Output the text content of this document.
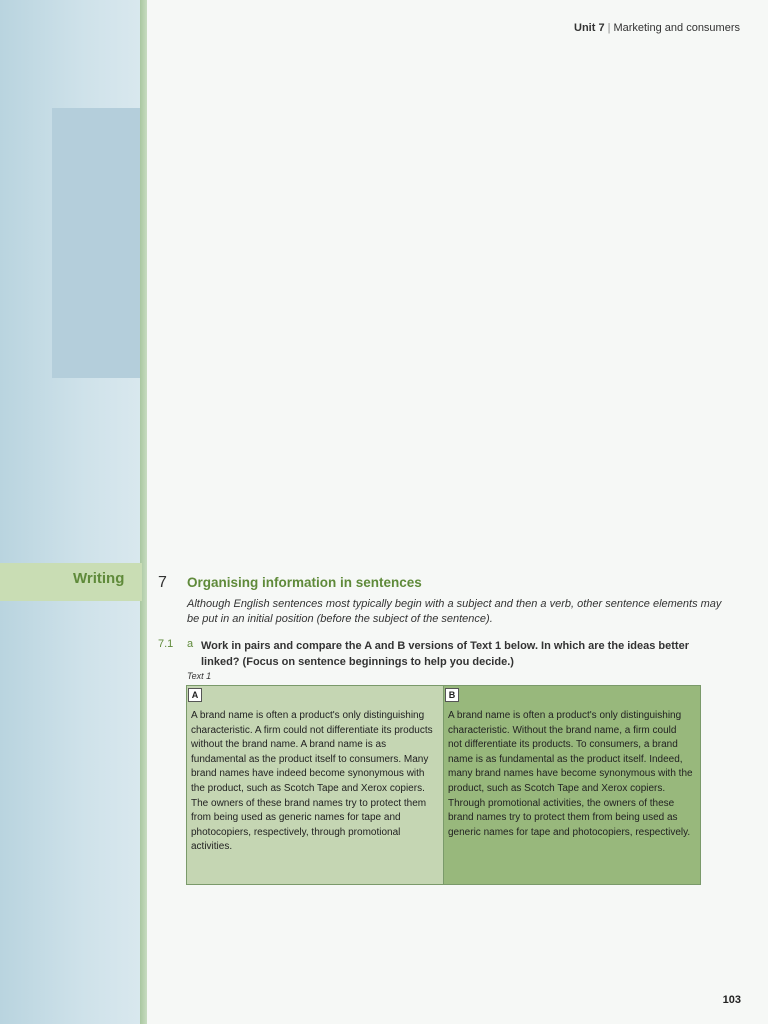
Writing
Unit 7 | Marketing and consumers
7 Organising information in sentences
Although English sentences most typically begin with a subject and then a verb, other sentence elements may be put in an initial position (before the subject of the sentence).
7.1 a Work in pairs and compare the A and B versions of Text 1 below. In which are the ideas better linked? (Focus on sentence beginnings to help you decide.)
Text 1
A
A brand name is often a product's only distinguishing characteristic. A firm could not differentiate its products without the brand name. A brand name is as fundamental as the product itself to consumers. Many brand names have indeed become synonymous with the product, such as Scotch Tape and Xerox copiers. The owners of these brand names try to protect them from being used as generic names for tape and photocopiers, respectively, through promotional activities.
B
A brand name is often a product's only distinguishing characteristic. Without the brand name, a firm could not differentiate its products. To consumers, a brand name is as fundamental as the product itself. Indeed, many brand names have become synonymous with the product, such as Scotch Tape and Xerox copiers. Through promotional activities, the owners of these brand names try to protect them from being used as generic names for tape and photocopiers, respectively.
103
